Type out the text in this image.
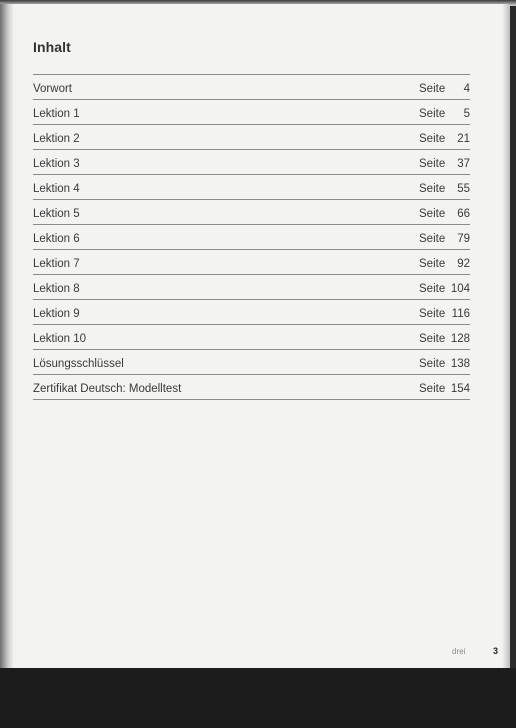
Inhalt
Vorwort	Seite 4
Lektion 1	Seite 5
Lektion 2	Seite 21
Lektion 3	Seite 37
Lektion 4	Seite 55
Lektion 5	Seite 66
Lektion 6	Seite 79
Lektion 7	Seite 92
Lektion 8	Seite 104
Lektion 9	Seite 116
Lektion 10	Seite 128
Lösungsschlüssel	Seite 138
Zertifikat Deutsch: Modelltest	Seite 154
drei	3
